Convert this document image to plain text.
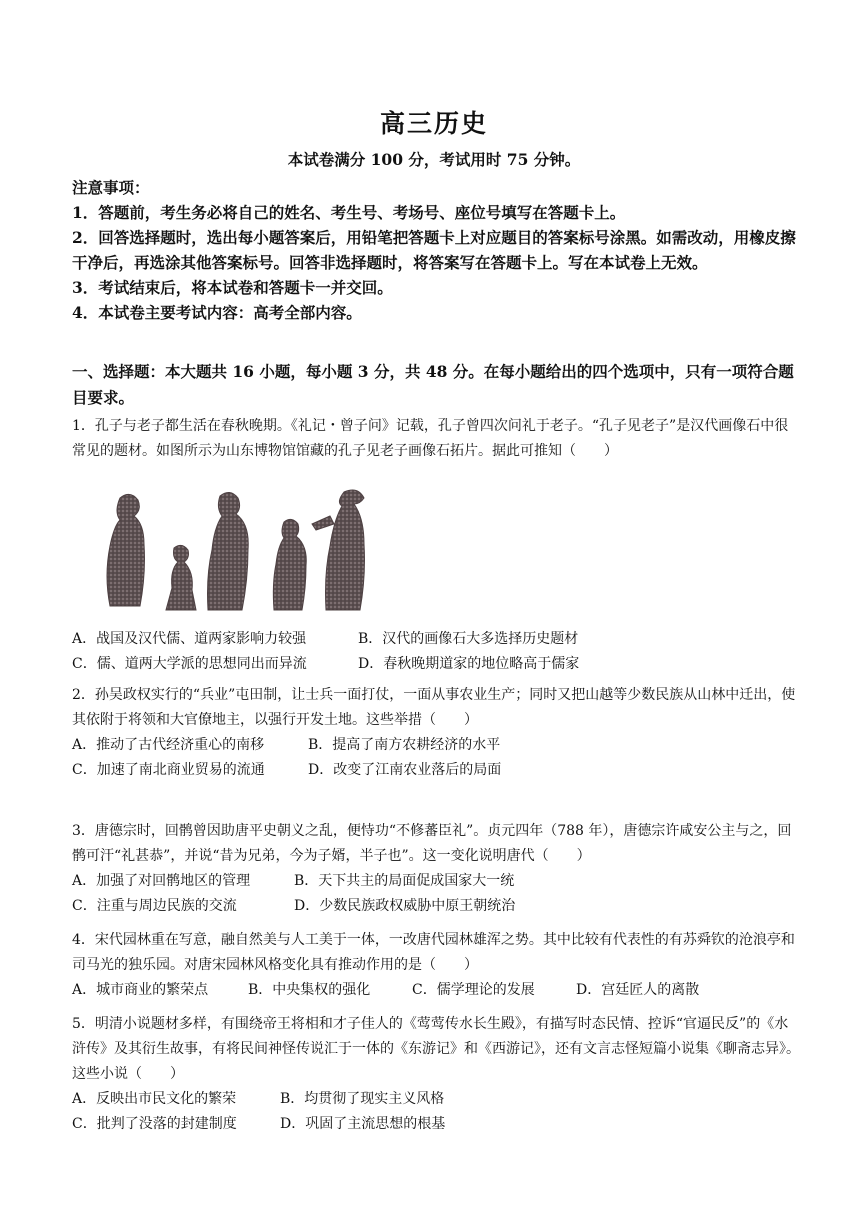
高三历史
本试卷满分 100 分，考试用时 75 分钟。

注意事项：

1．答题前，考生务必将自己的姓名、考生号、考场号、座位号填写在答题卡上。

2．回答选择题时，选出每小题答案后，用铅笔把答题卡上对应题目的答案标号涂黑。如需改动，用橡皮擦干净后，再选涂其他答案标号。回答非选择题时，将答案写在答题卡上。写在本试卷上无效。

3．考试结束后，将本试卷和答题卡一并交回。

4．本试卷主要考试内容：高考全部内容。

一、选择题：本大题共 16 小题，每小题 3 分，共 48 分。在每小题给出的四个选项中，只有一项符合题目要求。

1．孔子与老子都生活在春秋晚期。《礼记・曾子问》记载，孔子曾四次问礼于老子。“孔子见老子”是汉代画像石中很常见的题材。如图所示为山东博物馆馆藏的孔子见老子画像石拓片。据此可推知（　　）

A．战国及汉代儒、道两家影响力较强	B．汉代的画像石大多选择历史题材
C．儒、道两大学派的思想同出而异流	D．春秋晚期道家的地位略高于儒家

2．孙吴政权实行的“兵业”屯田制，让士兵一面打仗，一面从事农业生产；同时又把山越等少数民族从山林中迁出，使其依附于将领和大官僚地主，以强行开发土地。这些举措（　　）

A．推动了古代经济重心的南移	B．提高了南方农耕经济的水平
C．加速了南北商业贸易的流通	D．改变了江南农业落后的局面

3．唐德宗时，回鹘曾因助唐平史朝义之乱，便恃功“不修蕃臣礼”。贞元四年（788 年），唐德宗许咸安公主与之，回鹘可汗“礼甚恭”，并说“昔为兄弟，今为子婿，半子也”。这一变化说明唐代（　　）

A．加强了对回鹘地区的管理	B．天下共主的局面促成国家大一统
C．注重与周边民族的交流	D．少数民族政权威胁中原王朝统治

4．宋代园林重在写意，融自然美与人工美于一体，一改唐代园林雄浑之势。其中比较有代表性的有苏舜钦的沧浪亭和司马光的独乐园。对唐宋园林风格变化具有推动作用的是（　　）

A．城市商业的繁荣点	B．中央集权的强化	C．儒学理论的发展	D．宫廷匠人的离散

5．明清小说题材多样，有围绕帝王将相和才子佳人的《莺莺传水长生殿》，有描写时态民情、控诉“官逼民反”的《水浒传》及其衍生故事，有将民间神怪传说汇于一体的《东游记》和《西游记》，还有文言志怪短篇小说集《聊斋志异》。这些小说（　　）

A．反映出市民文化的繁荣	B．均贯彻了现实主义风格
C．批判了没落的封建制度	D．巩固了主流思想的根基
